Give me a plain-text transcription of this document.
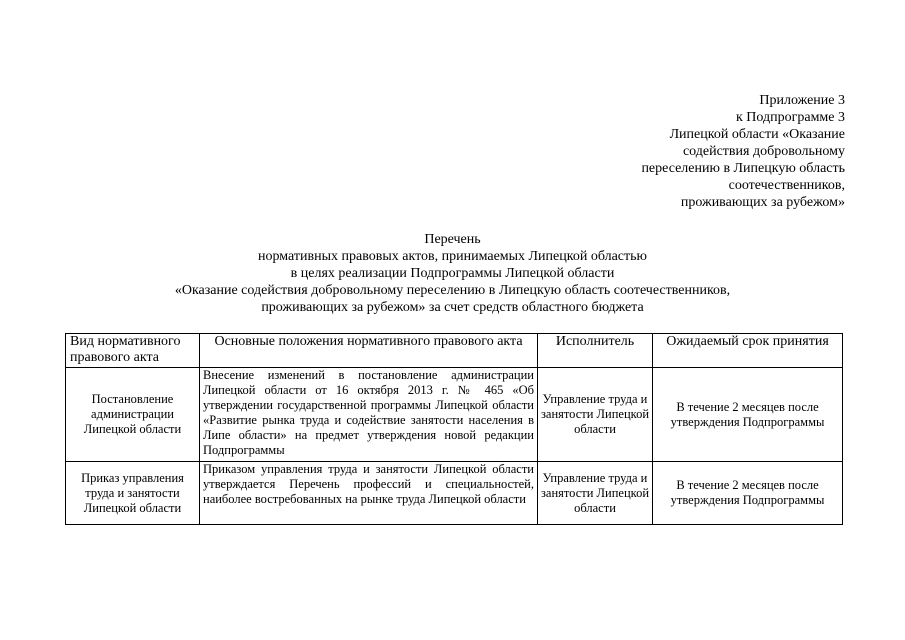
Приложение 3
к Подпрограмме 3
Липецкой области «Оказание
содействия добровольному
переселению в Липецкую область
соотечественников,
проживающих за рубежом»
Перечень
нормативных правовых актов, принимаемых Липецкой областью
в целях реализации Подпрограммы Липецкой области
«Оказание содействия добровольному переселению в Липецкую область соотечественников,
проживающих за рубежом» за счет средств областного бюджета
Вид нормативного правового акта	Основные положения нормативного правового акта	Исполнитель	Ожидаемый срок принятия
Постановление администрации Липецкой области	Внесение изменений в постановление администрации Липецкой области от 16 октября 2013 г. № 465 «Об утверждении государственной программы Липецкой области «Развитие рынка труда и содействие занятости населения в Липе области» на предмет утверждения новой редакции Подпрограммы	Управление труда и занятости Липецкой области	В течение 2 месяцев после утверждения Подпрограммы
Приказ управления труда и занятости Липецкой области	Приказом управления труда и занятости Липецкой области утверждается Перечень профессий и специальностей, наиболее востребованных на рынке труда Липецкой области	Управление труда и занятости Липецкой области	В течение 2 месяцев после утверждения Подпрограммы
